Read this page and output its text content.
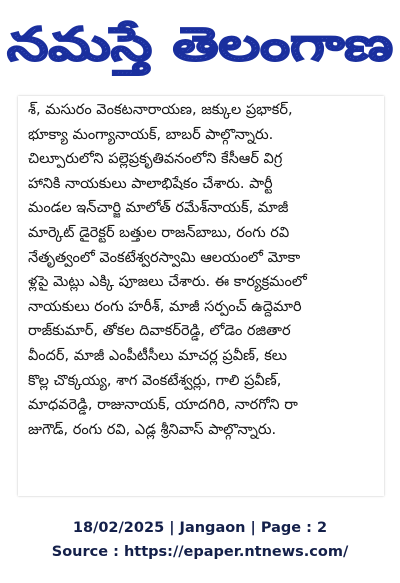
నమస్తే తెలంగాణ
శ్, మసురం వెంకటనారాయణ, జక్కుల ప్రభాకర్,
భూక్యా మంగ్యానాయక్, బాబర్ పాల్గొన్నారు.
చిల్పూరులోని పల్లెప్రకృతివనంలోని కేసీఆర్ విగ్ర
హానికి నాయకులు పాలాభిషేకం చేశారు. పార్టీ
మండల ఇన్‌చార్జి మాలోత్ రమేశ్‌నాయక్, మాజీ
మార్కెట్ డైరెక్టర్ బత్తుల రాజన్‌బాబు, రంగు రవి
నేతృత్వంలో వెంకటేశ్వరస్వామి ఆలయంలో మోకా
ళ్లపై మెట్లు ఎక్కి పూజలు చేశారు. ఈ కార్యక్రమంలో
నాయకులు రంగు హరీశ్, మాజీ సర్పంచ్ ఉద్దెమారి
రాజ్‌కుమార్, తోకల దివాకర్‌రెడ్డి, లోడెం రజితార
వీందర్, మాజీ ఎంపీటీసీలు మాచర్ల ప్రవీణ్, కలు
కొల్ల చొక్కయ్య, శాగ వెంకటేశ్వర్లు, గాలి ప్రవీణ్,
మాధవరెడ్డి, రాజునాయక్, యాదగిరి, నారగోని రా
జుగౌడ్, రంగు రవి, ఎడ్ల శ్రీనివాస్ పాల్గొన్నారు.
18/02/2025 | Jangaon | Page : 2
Source : https://epaper.ntnews.com/
